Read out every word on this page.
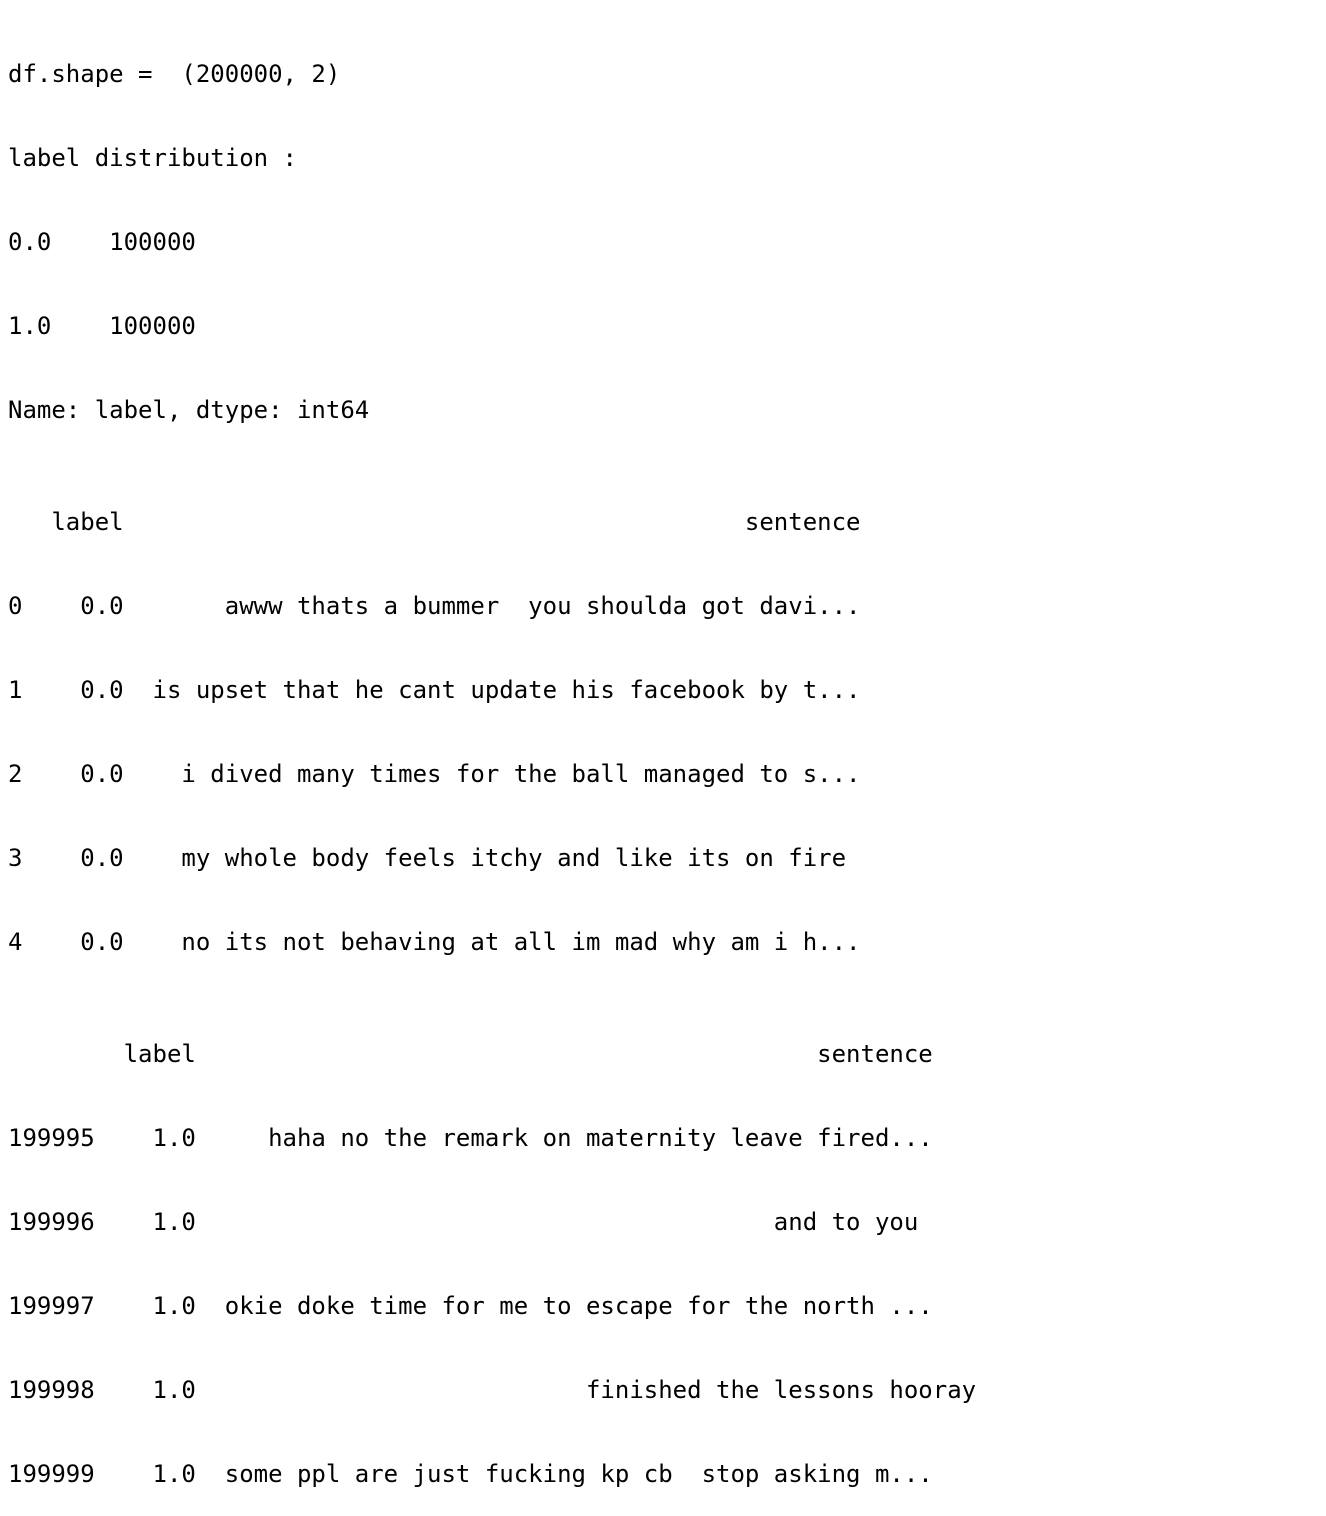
df.shape =  (200000, 2)

label distribution :

0.0    100000

1.0    100000

Name: label, dtype: int64

label                                           sentence

0    0.0       awww thats a bummer  you shoulda got davi...

1    0.0  is upset that he cant update his facebook by t...

2    0.0    i dived many times for the ball managed to s...

3    0.0    my whole body feels itchy and like its on fire

4    0.0    no its not behaving at all im mad why am i h...

label                                           sentence

199995    1.0     haha no the remark on maternity leave fired...

199996    1.0                                        and to you

199997    1.0  okie doke time for me to escape for the north ...

199998    1.0                           finished the lessons hooray

199999    1.0  some ppl are just fucking kp cb  stop asking m...
